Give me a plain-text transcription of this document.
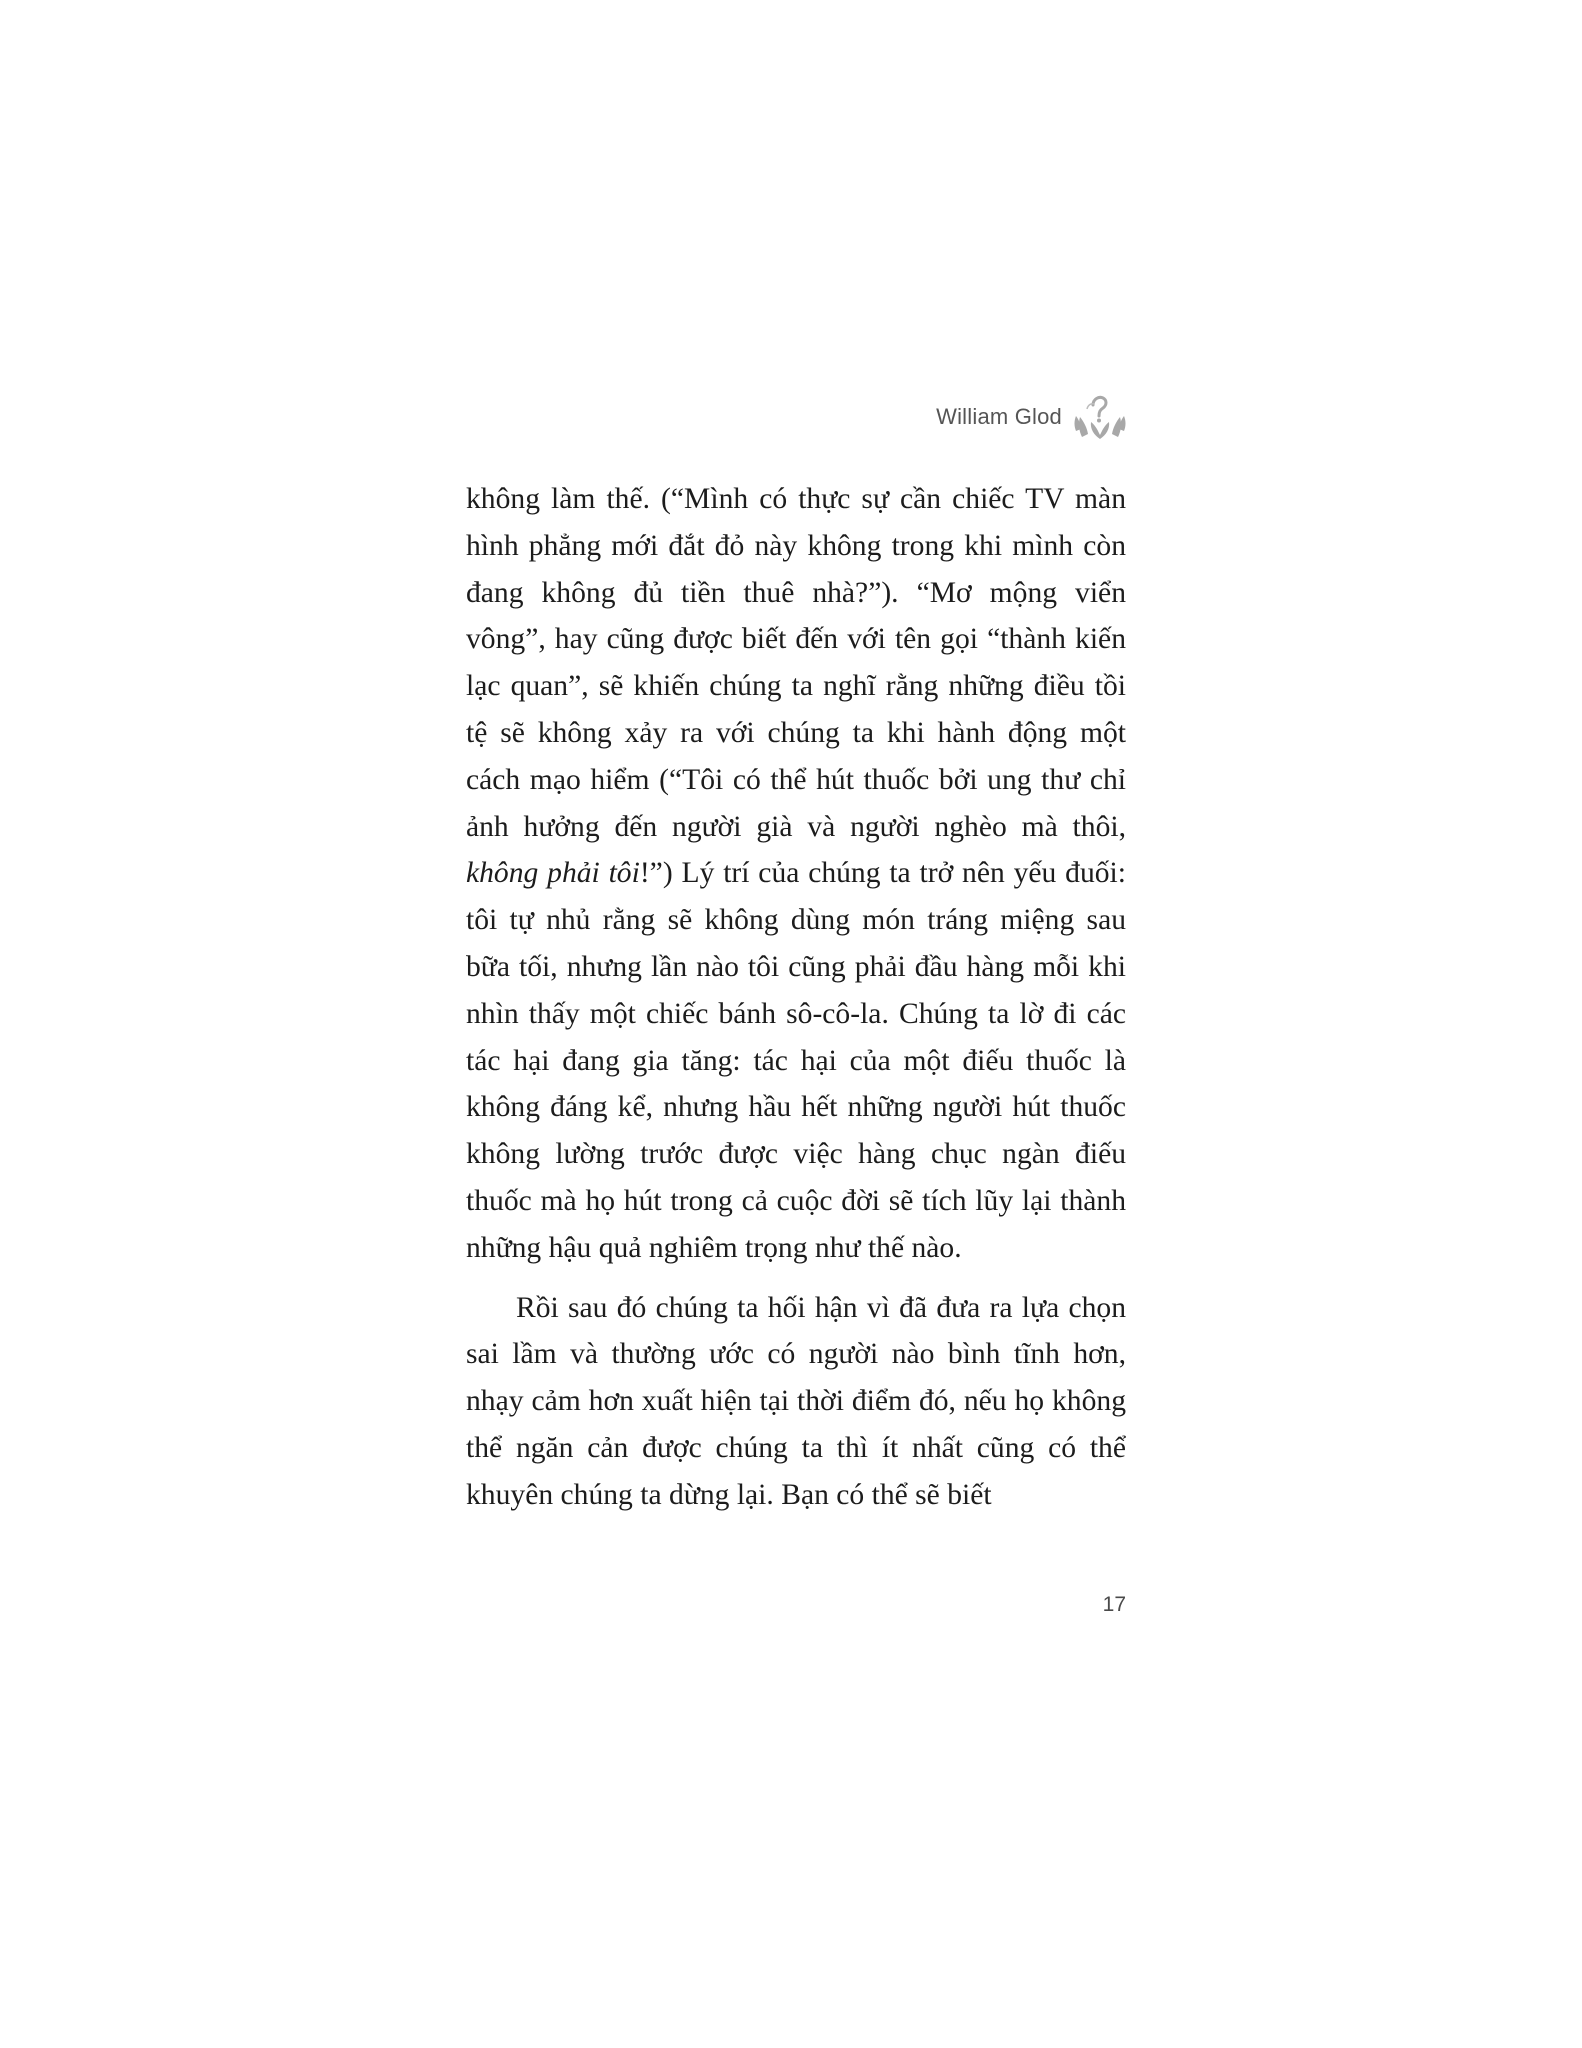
William Glod

không làm thế. (“Mình có thực sự cần chiếc TV màn hình phẳng mới đắt đỏ này không trong khi mình còn đang không đủ tiền thuê nhà?”). “Mơ mộng viển vông”, hay cũng được biết đến với tên gọi “thành kiến lạc quan”, sẽ khiến chúng ta nghĩ rằng những điều tồi tệ sẽ không xảy ra với chúng ta khi hành động một cách mạo hiểm (“Tôi có thể hút thuốc bởi ung thư chỉ ảnh hưởng đến người già và người nghèo mà thôi, không phải tôi!”) Lý trí của chúng ta trở nên yếu đuối: tôi tự nhủ rằng sẽ không dùng món tráng miệng sau bữa tối, nhưng lần nào tôi cũng phải đầu hàng mỗi khi nhìn thấy một chiếc bánh sô-cô-la. Chúng ta lờ đi các tác hại đang gia tăng: tác hại của một điếu thuốc là không đáng kể, nhưng hầu hết những người hút thuốc không lường trước được việc hàng chục ngàn điếu thuốc mà họ hút trong cả cuộc đời sẽ tích lũy lại thành những hậu quả nghiêm trọng như thế nào.

Rồi sau đó chúng ta hối hận vì đã đưa ra lựa chọn sai lầm và thường ước có người nào bình tĩnh hơn, nhạy cảm hơn xuất hiện tại thời điểm đó, nếu họ không thể ngăn cản được chúng ta thì ít nhất cũng có thể khuyên chúng ta dừng lại. Bạn có thể sẽ biết

17
